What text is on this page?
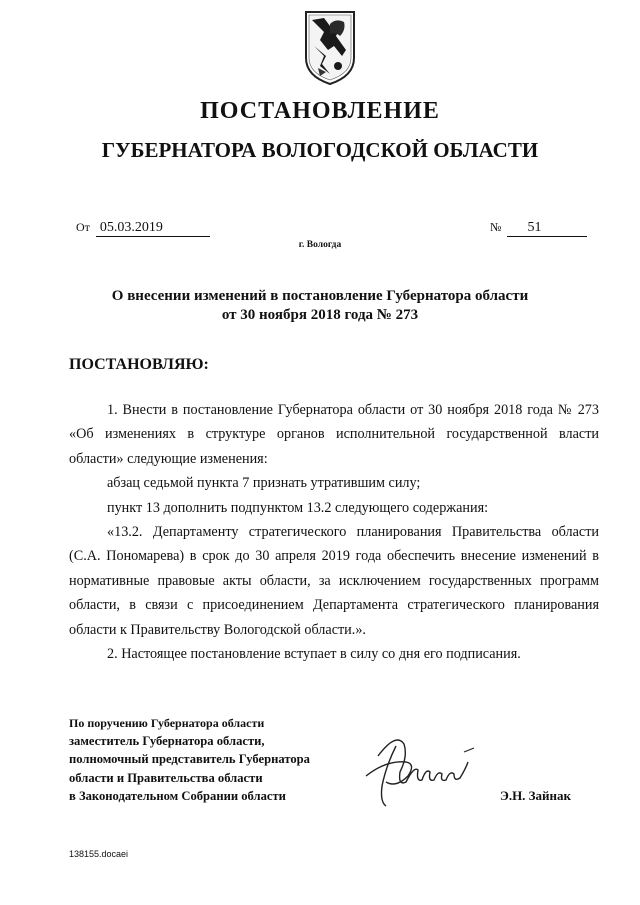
ПОСТАНОВЛЕНИЕ
ГУБЕРНАТОРА ВОЛОГОДСКОЙ ОБЛАСТИ
От 05.03.2019	№ 51
г. Вологда
О внесении изменений в постановление Губернатора области
от 30 ноября 2018 года № 273
ПОСТАНОВЛЯЮ:

1. Внести в постановление Губернатора области от 30 ноября 2018 года № 273 «Об изменениях в структуре органов исполнительной государственной власти области» следующие изменения:

абзац седьмой пункта 7 признать утратившим силу;

пункт 13 дополнить подпунктом 13.2 следующего содержания:

«13.2. Департаменту стратегического планирования Правительства области (С.А. Пономарева) в срок до 30 апреля 2019 года обеспечить внесение изменений в нормативные правовые акты области, за исключением государственных программ области, в связи с присоединением Департамента стратегического планирования области к Правительству Вологодской области.».

2. Настоящее постановление вступает в силу со дня его подписания.

По поручению Губернатора области
заместитель Губернатора области,
полномочный представитель Губернатора
области и Правительства области
в Законодательном Собрании области	Э.Н. Зайнак
138155.docaei
